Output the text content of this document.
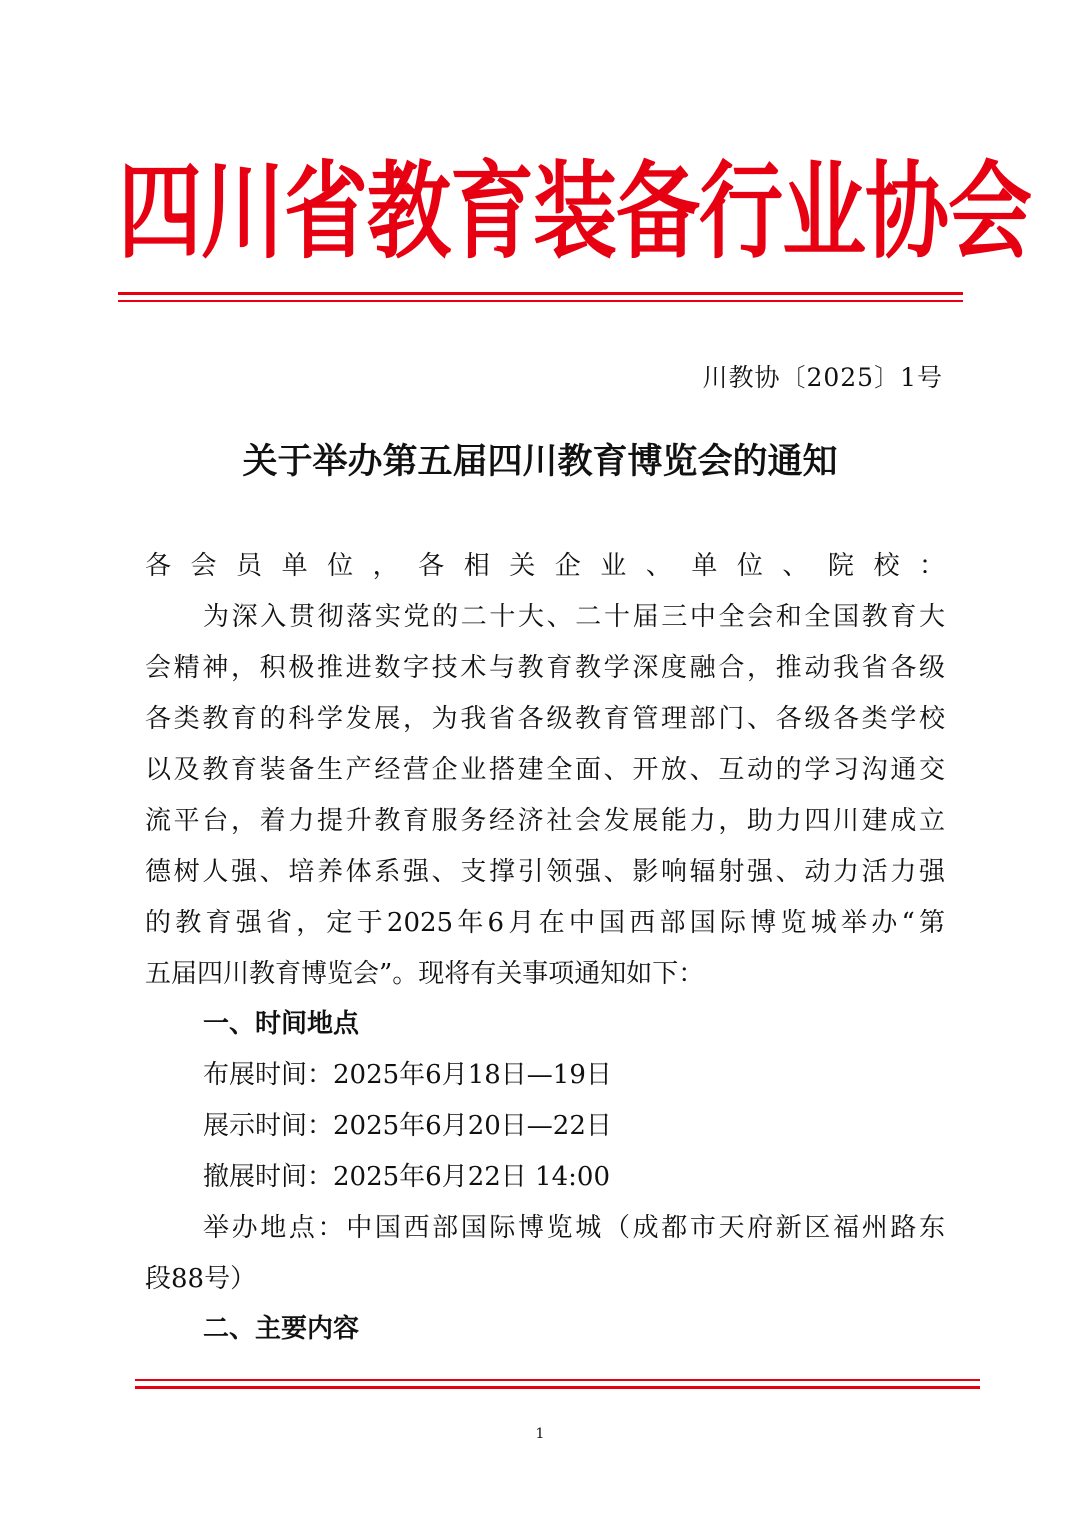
四川省教育装备行业协会
川教协〔2025〕1号
关于举办第五届四川教育博览会的通知
各会员单位，各相关企业、单位、院校：
为深入贯彻落实党的二十大、二十届三中全会和全国教育大
会精神，积极推进数字技术与教育教学深度融合，推动我省各级
各类教育的科学发展，为我省各级教育管理部门、各级各类学校
以及教育装备生产经营企业搭建全面、开放、互动的学习沟通交
流平台，着力提升教育服务经济社会发展能力，助力四川建成立
德树人强、培养体系强、支撑引领强、影响辐射强、动力活力强
的教育强省，定于2025年6月在中国西部国际博览城举办“第
五届四川教育博览会”。现将有关事项通知如下：
一、时间地点
布展时间：2025年6月18日—19日
展示时间：2025年6月20日—22日
撤展时间：2025年6月22日 14:00
举办地点：中国西部国际博览城（成都市天府新区福州路东
段88号）
二、主要内容
1
